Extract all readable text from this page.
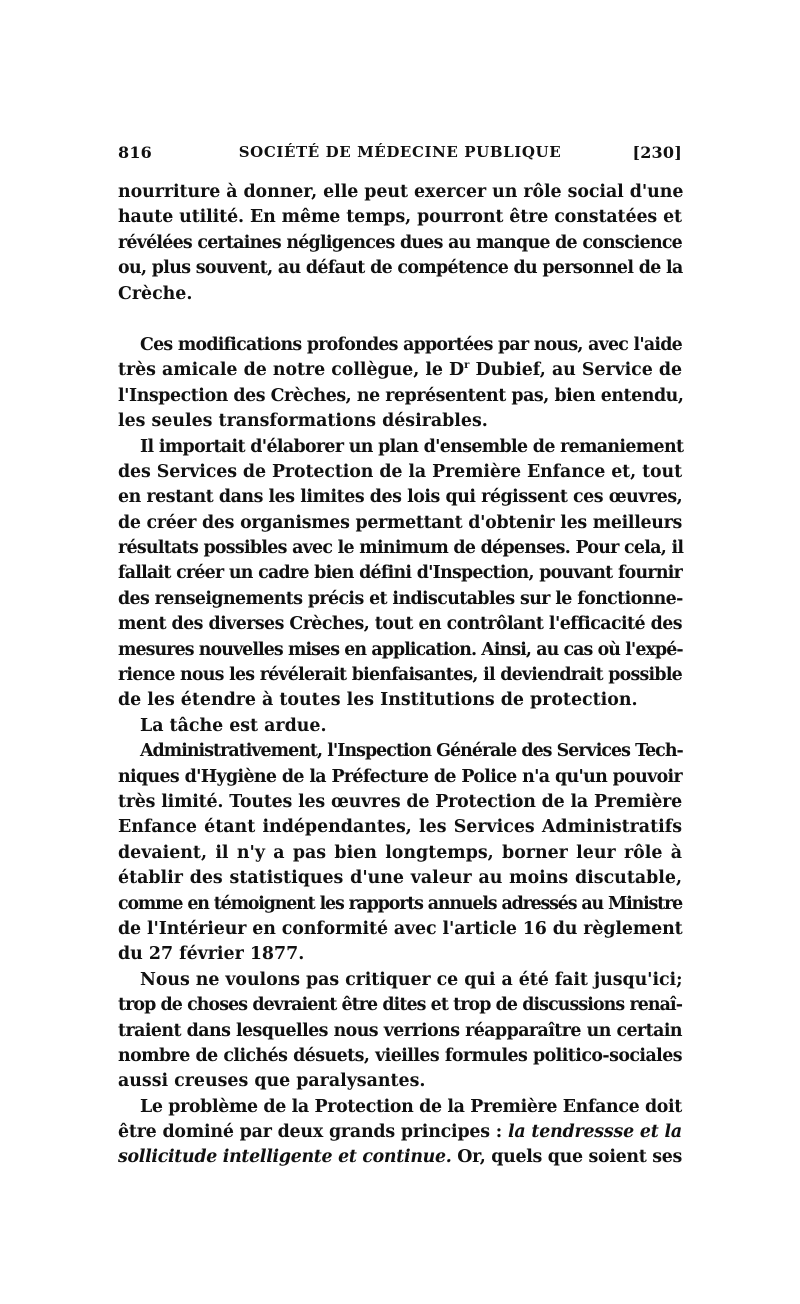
816	SOCIÉTÉ DE MÉDECINE PUBLIQUE	[230]
nourriture à donner, elle peut exercer un rôle social d'une
haute utilité. En même temps, pourront être constatées et
révélées certaines négligences dues au manque de conscience
ou, plus souvent, au défaut de compétence du personnel de la
Crèche.
Ces modifications profondes apportées par nous, avec l'aide
très amicale de notre collègue, le $D^r$ Dubief, au Service de
l'Inspection des Crèches, ne représentent pas, bien entendu,
les seules transformations désirables.
Il importait d'élaborer un plan d'ensemble de remaniement
des Services de Protection de la Première Enfance et, tout
en restant dans les limites des lois qui régissent ces œuvres,
de créer des organismes permettant d'obtenir les meilleurs
résultats possibles avec le minimum de dépenses. Pour cela, il
fallait créer un cadre bien défini d'Inspection, pouvant fournir
des renseignements précis et indiscutables sur le fonctionne-
ment des diverses Crèches, tout en contrôlant l'efficacité des
mesures nouvelles mises en application. Ainsi, au cas où l'expé-
rience nous les révélerait bienfaisantes, il deviendrait possible
de les étendre à toutes les Institutions de protection.
La tâche est ardue.
Administrativement, l'Inspection Générale des Services Tech-
niques d'Hygiène de la Préfecture de Police n'a qu'un pouvoir
très limité. Toutes les œuvres de Protection de la Première
Enfance étant indépendantes, les Services Administratifs
devaient, il n'y a pas bien longtemps, borner leur rôle à
établir des statistiques d'une valeur au moins discutable,
comme en témoignent les rapports annuels adressés au Ministre
de l'Intérieur en conformité avec l'article 16 du règlement
du 27 février 1877.
Nous ne voulons pas critiquer ce qui a été fait jusqu'ici;
trop de choses devraient être dites et trop de discussions renaî-
traient dans lesquelles nous verrions réapparaître un certain
nombre de clichés désuets, vieilles formules politico-sociales
aussi creuses que paralysantes.
Le problème de la Protection de la Première Enfance doit
être dominé par deux grands principes : la tendressse et la
sollicitude intelligente et continue. Or, quels que soient ses
